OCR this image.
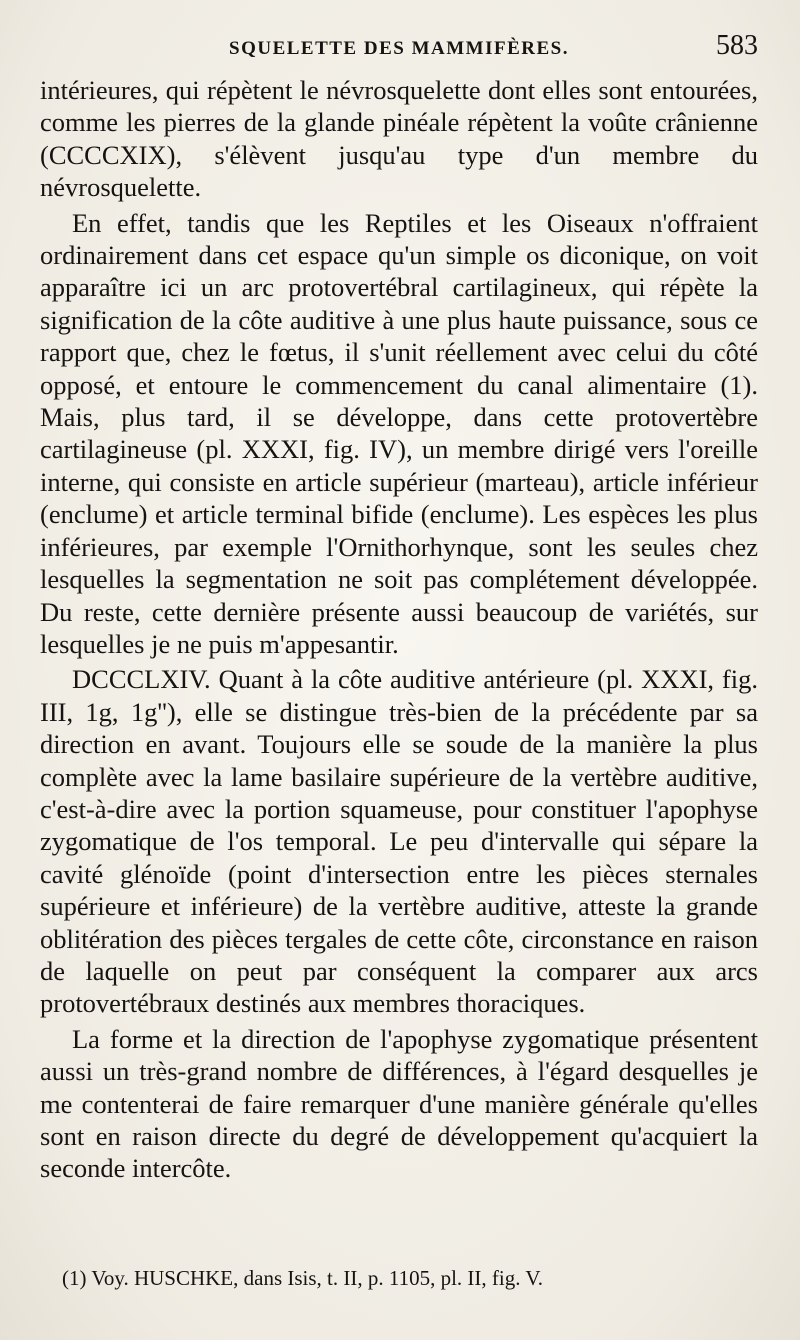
SQUELETTE DES MAMMIFÈRES.	583

intérieures, qui répètent le névrosquelette dont elles sont entourées, comme les pierres de la glande pinéale répètent la voûte crânienne (CCCCXIX), s'élèvent jusqu'au type d'un membre du névrosquelette.

En effet, tandis que les Reptiles et les Oiseaux n'offraient ordinairement dans cet espace qu'un simple os diconique, on voit apparaître ici un arc protovertébral cartilagineux, qui répète la signification de la côte auditive à une plus haute puissance, sous ce rapport que, chez le fœtus, il s'unit réellement avec celui du côté opposé, et entoure le commencement du canal alimentaire (1). Mais, plus tard, il se développe, dans cette protovertèbre cartilagineuse (pl. XXXI, fig. IV), un membre dirigé vers l'oreille interne, qui consiste en article supérieur (marteau), article inférieur (enclume) et article terminal bifide (enclume). Les espèces les plus inférieures, par exemple l'Ornithorhynque, sont les seules chez lesquelles la segmentation ne soit pas complétement développée. Du reste, cette dernière présente aussi beaucoup de variétés, sur lesquelles je ne puis m'appesantir.

DCCCLXIV. Quant à la côte auditive antérieure (pl. XXXI, fig. III, 1g, 1g''), elle se distingue très-bien de la précédente par sa direction en avant. Toujours elle se soude de la manière la plus complète avec la lame basilaire supérieure de la vertèbre auditive, c'est-à-dire avec la portion squameuse, pour constituer l'apophyse zygomatique de l'os temporal. Le peu d'intervalle qui sépare la cavité glénoïde (point d'intersection entre les pièces sternales supérieure et inférieure) de la vertèbre auditive, atteste la grande oblitération des pièces tergales de cette côte, circonstance en raison de laquelle on peut par conséquent la comparer aux arcs protovertébraux destinés aux membres thoraciques.

La forme et la direction de l'apophyse zygomatique présentent aussi un très-grand nombre de différences, à l'égard desquelles je me contenterai de faire remarquer d'une manière générale qu'elles sont en raison directe du degré de développement qu'acquiert la seconde intercôte.

(1) Voy. HUSCHKE, dans Isis, t. II, p. 1105, pl. II, fig. V.
